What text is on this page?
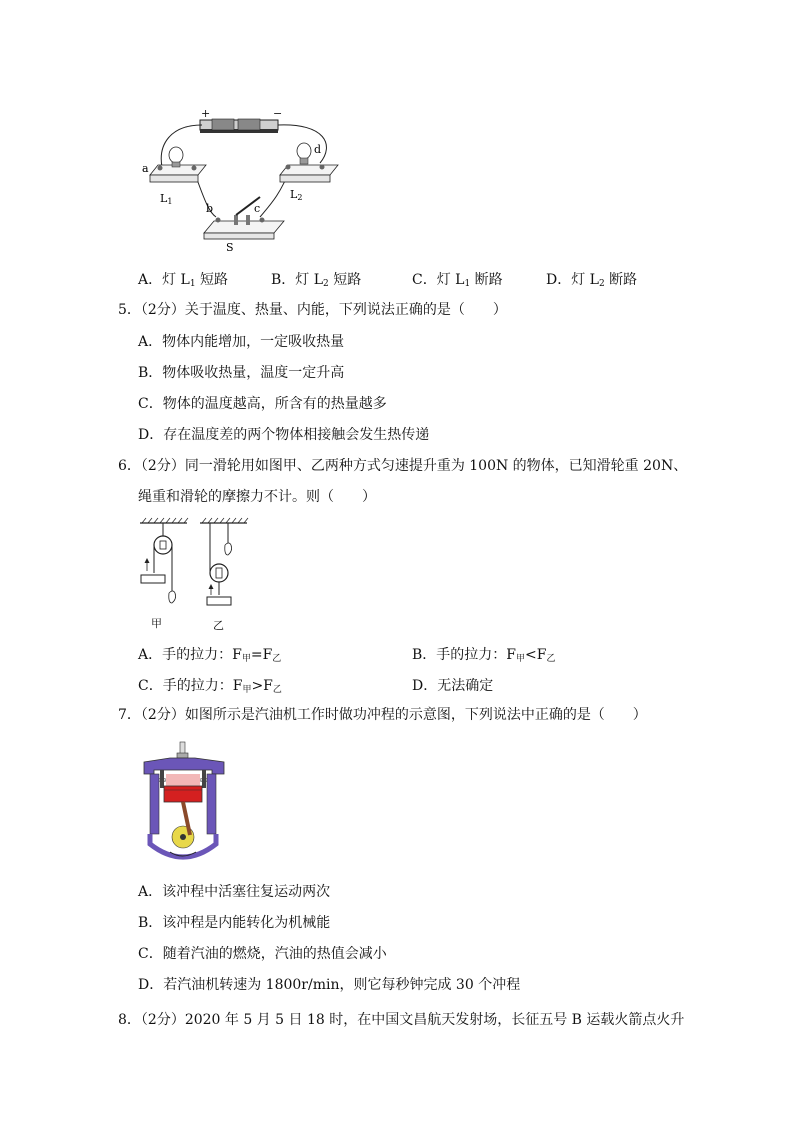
+	−
a
L1
d
L2
b	c
S
A．灯 $L_1$ 短路	B．灯 $L_2$ 短路	C．灯 $L_1$ 断路	D．灯 $L_2$ 断路
5．（2分）关于温度、热量、内能，下列说法正确的是（　　）
A．物体内能增加，一定吸收热量
B．物体吸收热量，温度一定升高
C．物体的温度越高，所含有的热量越多
D．存在温度差的两个物体相接触会发生热传递
6．（2分）同一滑轮用如图甲、乙两种方式匀速提升重为 100N 的物体，已知滑轮重 20N、
绳重和滑轮的摩擦力不计。则（　　）
甲	乙
A．手的拉力：$F_甲=F_乙$	B．手的拉力：$F_甲<F_乙$
C．手的拉力：$F_甲>F_乙$	D．无法确定
7．（2分）如图所示是汽油机工作时做功冲程的示意图，下列说法中正确的是（　　）
A．该冲程中活塞往复运动两次
B．该冲程是内能转化为机械能
C．随着汽油的燃烧，汽油的热值会减小
D．若汽油机转速为 1800r/min，则它每秒钟完成 30 个冲程
8．（2分）2020 年 5 月 5 日 18 时，在中国文昌航天发射场，长征五号 B 运载火箭点火升
